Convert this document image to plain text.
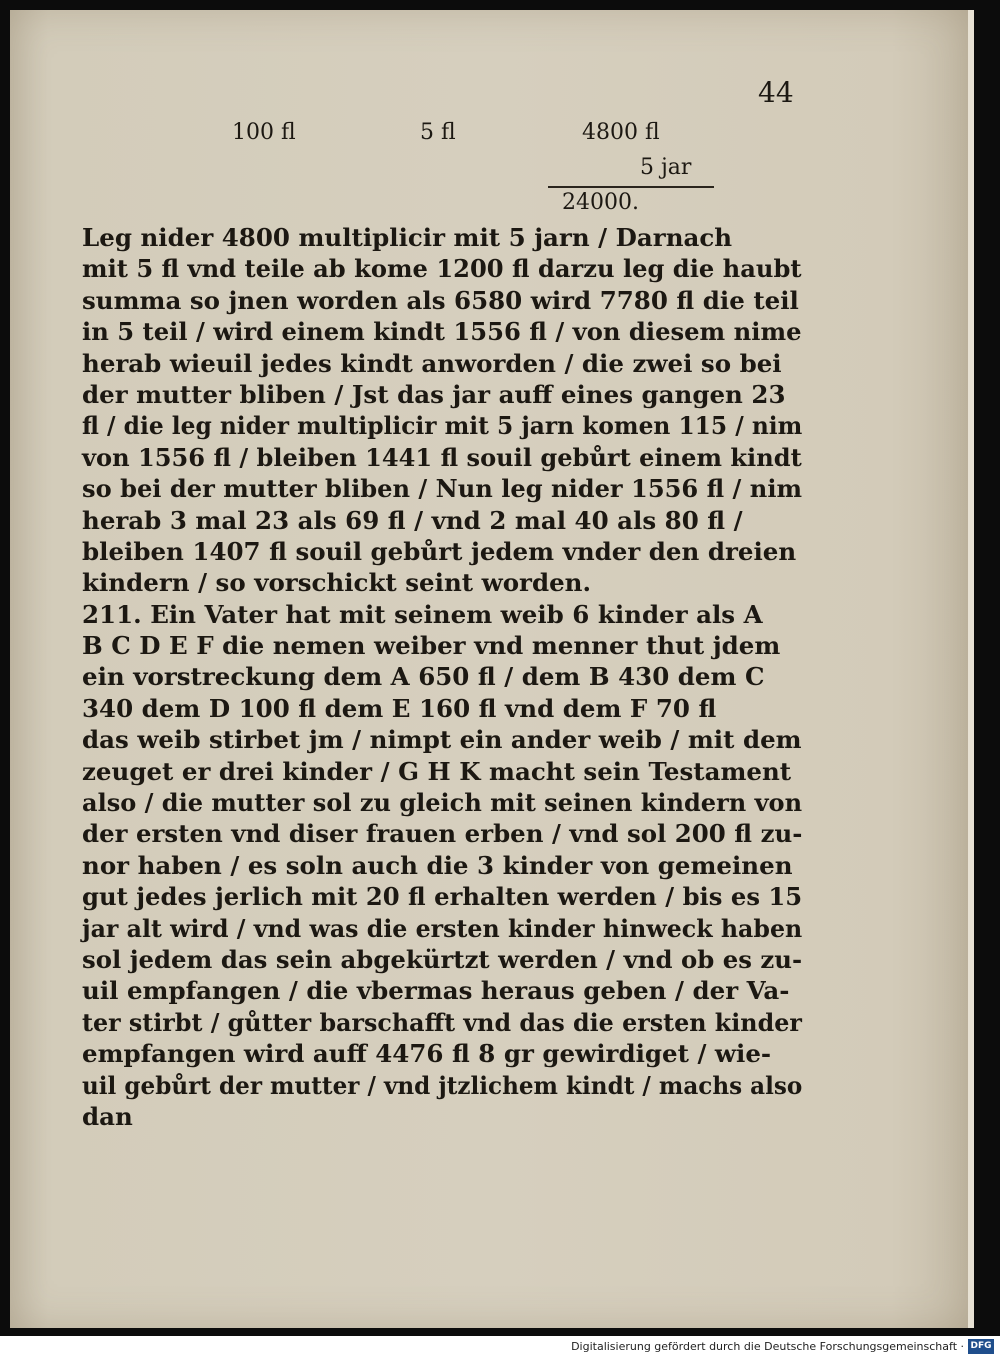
44
100 fl	5 fl	4800 fl
5 jar
24000.
Leg nider 4800 multiplicir mit 5 jarn / Darnach
mit 5 fl vnd teile ab kome 1200 fl darzu leg die haubt
summa so jnen worden als 6580 wird 7780 fl die teil
in 5 teil / wird einem kindt 1556 fl / von diesem nime
herab wieuil jedes kindt anworden / die zwei so bei
der mutter bliben / Jst das jar auff eines gangen 23
fl / die leg nider multiplicir mit 5 jarn komen 115 / nim
von 1556 fl / bleiben 1441 fl souil gebůrt einem kindt
so bei der mutter bliben / Nun leg nider 1556 fl / nim
herab 3 mal 23 als 69 fl / vnd 2 mal 40 als 80 fl /
bleiben 1407 fl souil gebůrt jedem vnder den dreien
kindern / so vorschickt seint worden.
211. Ein Vater hat mit seinem weib 6 kinder als A
B C D E F die nemen weiber vnd menner thut jdem
ein vorstreckung dem A 650 fl / dem B 430 dem C
340 dem D 100 fl dem E 160 fl vnd dem F 70 fl
das weib stirbet jm / nimpt ein ander weib / mit dem
zeuget er drei kinder / G H K macht sein Testament
also / die mutter sol zu gleich mit seinen kindern von
der ersten vnd diser frauen erben / vnd sol 200 fl zu-
nor haben / es soln auch die 3 kinder von gemeinen
gut jedes jerlich mit 20 fl erhalten werden / bis es 15
jar alt wird / vnd was die ersten kinder hinweck haben
sol jedem das sein abgekürtzt werden / vnd ob es zu-
uil empfangen / die vbermas heraus geben / der Va-
ter stirbt / gůtter barschafft vnd das die ersten kinder
empfangen wird auff 4476 fl 8 gr gewirdiget / wie-
uil gebůrt der mutter / vnd jtzlichem kindt / machs also
dan
Digitalisierung gefördert durch die Deutsche Forschungsgemeinschaft · DFG
